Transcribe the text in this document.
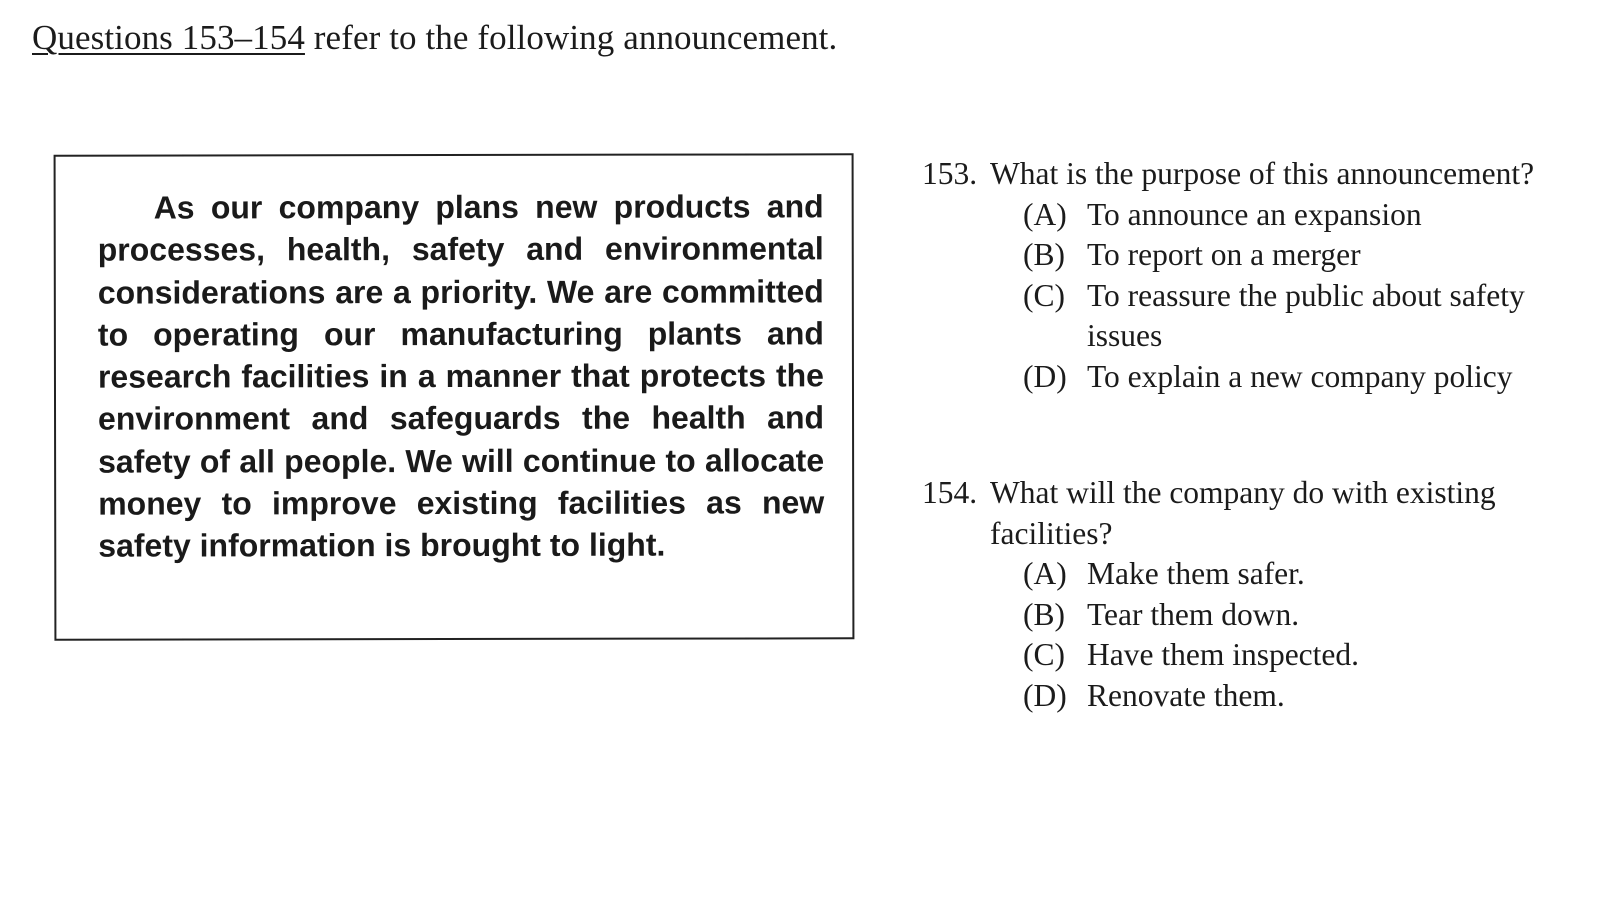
Questions 153–154 refer to the following announcement.

As our company plans new products and processes, health, safety and environmental considerations are a priority. We are committed to operating our manufacturing plants and research facilities in a manner that protects the environment and safeguards the health and safety of all people. We will continue to allocate money to improve existing facilities as new safety information is brought to light.

153. What is the purpose of this announcement?
(A) To announce an expansion
(B) To report on a merger
(C) To reassure the public about safety issues
(D) To explain a new company policy
154. What will the company do with existing facilities?
(A) Make them safer.
(B) Tear them down.
(C) Have them inspected.
(D) Renovate them.
